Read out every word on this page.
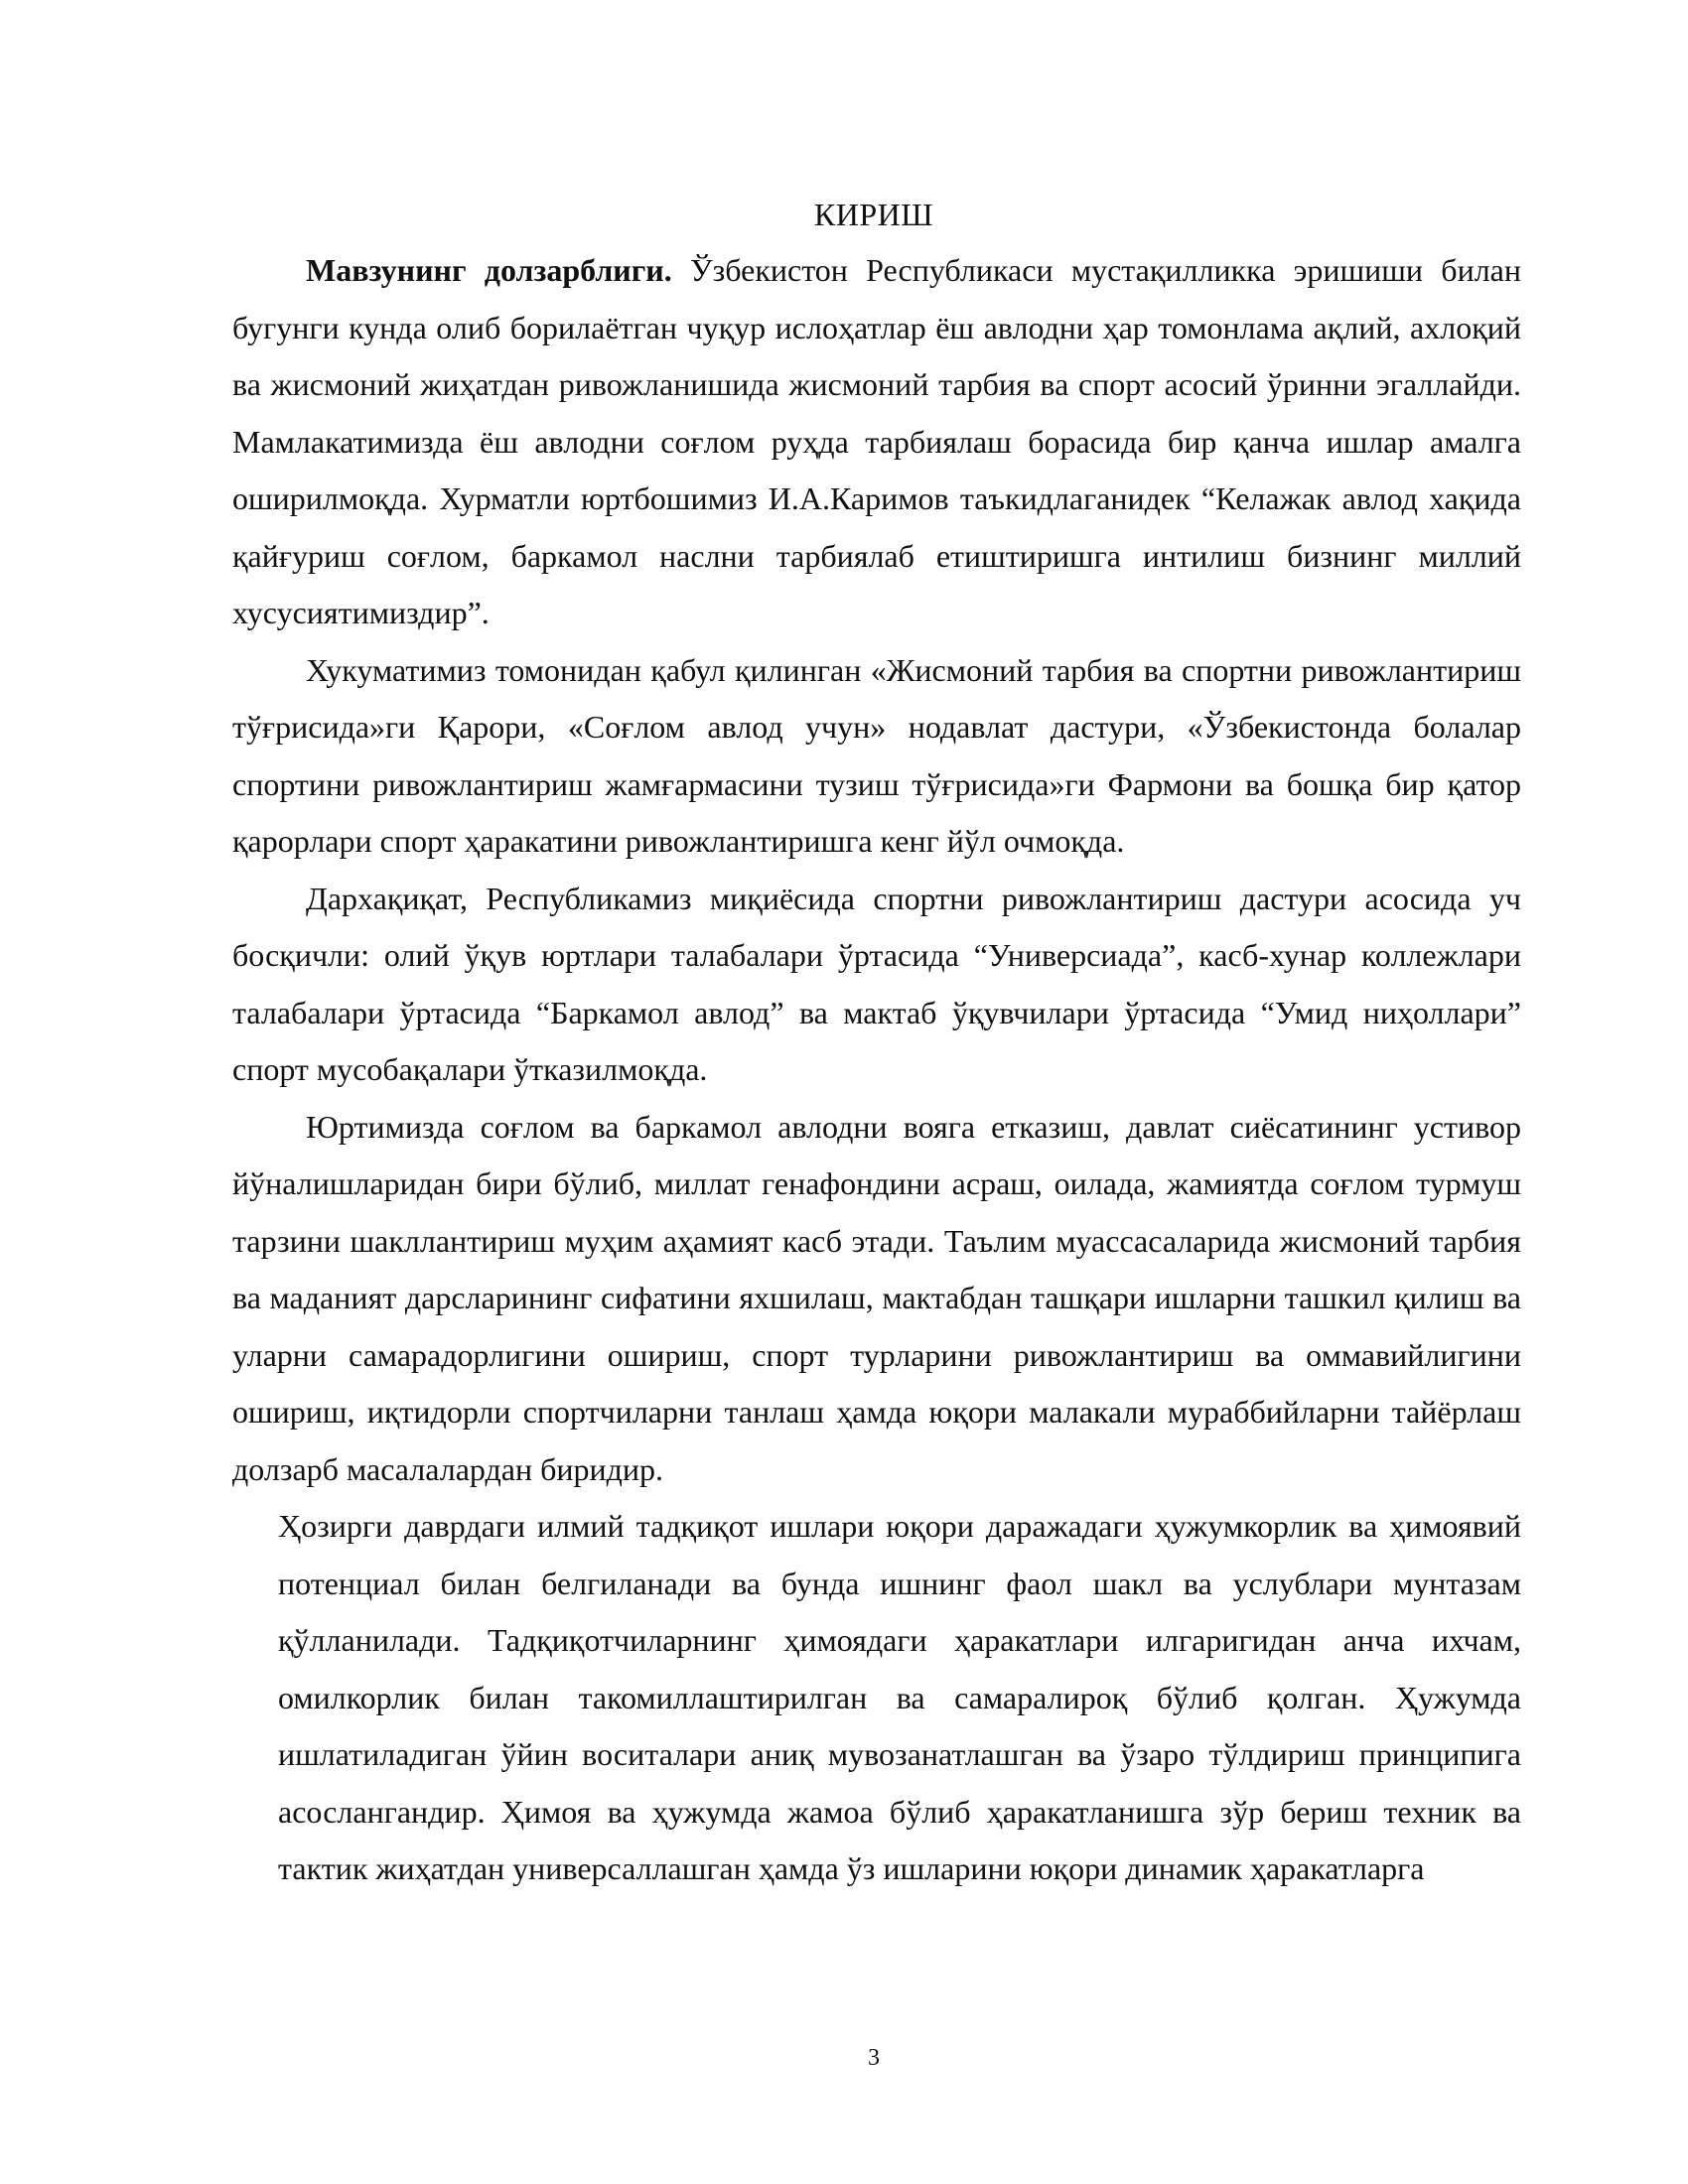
КИРИШ

Мавзунинг долзарблиги. Ўзбекистон Республикаси мустақилликка эришиши билан бугунги кунда олиб борилаётган чуқур ислоҳатлар ёш авлодни ҳар томонлама ақлий, ахлоқий ва жисмоний жиҳатдан ривожланишида жисмоний тарбия ва спорт асосий ўринни эгаллайди. Мамлакатимизда ёш авлодни соғлом руҳда тарбиялаш борасида бир қанча ишлар амалга оширилмоқда. Хурматли юртбошимиз И.А.Каримов таъкидлаганидек “Келажак авлод хақида қайғуриш соғлом, баркамол наслни тарбиялаб етиштиришга интилиш бизнинг миллий хусусиятимиздир”.

Хукуматимиз томонидан қабул қилинган «Жисмоний тарбия ва спортни ривожлантириш тўғрисида»ги Қарори, «Соғлом авлод учун» нодавлат дастури, «Ўзбекистонда болалар спортини ривожлантириш жамғармасини тузиш тўғрисида»ги Фармони ва бошқа бир қатор қарорлари спорт ҳаракатини ривожлантиришга кенг йўл очмоқда.

Дархақиқат, Республикамиз миқиёсида спортни ривожлантириш дастури асосида уч босқичли: олий ўқув юртлари талабалари ўртасида “Универсиада”, касб-хунар коллежлари талабалари ўртасида “Баркамол авлод” ва мактаб ўқувчилари ўртасида “Умид ниҳоллари” спорт мусобақалари ўтказилмоқда.

Юртимизда соғлом ва баркамол авлодни вояга етказиш, давлат сиёсатининг устивор йўналишларидан бири бўлиб, миллат генафондини асраш, оилада, жамиятда соғлом турмуш тарзини шакллантириш муҳим аҳамият касб этади. Таълим муассасаларида жисмоний тарбия ва маданият дарсларининг сифатини яхшилаш, мактабдан ташқари ишларни ташкил қилиш ва уларни самарадорлигини ошириш, спорт турларини ривожлантириш ва оммавийлигини ошириш, иқтидорли спортчиларни танлаш ҳамда юқори малакали мураббийларни тайёрлаш долзарб масалалардан биридир.

Ҳозирги даврдаги илмий тадқиқот ишлари юқори даражадаги ҳужумкорлик ва ҳимоявий потенциал билан белгиланади ва бунда ишнинг фаол шакл ва услублари мунтазам қўлланилади. Тадқиқотчиларнинг ҳимоядаги ҳаракатлари илгаригидан анча ихчам, омилкорлик билан такомиллаштирилган ва самаралироқ бўлиб қолган. Ҳужумда ишлатиладиган ўйин воситалари аниқ мувозанатлашган ва ўзаро тўлдириш принципига асослангандир. Ҳимоя ва ҳужумда жамоа бўлиб ҳаракатланишга зўр бериш техник ва тактик жиҳатдан универсаллашган ҳамда ўз ишларини юқори динамик ҳаракатларга

3
